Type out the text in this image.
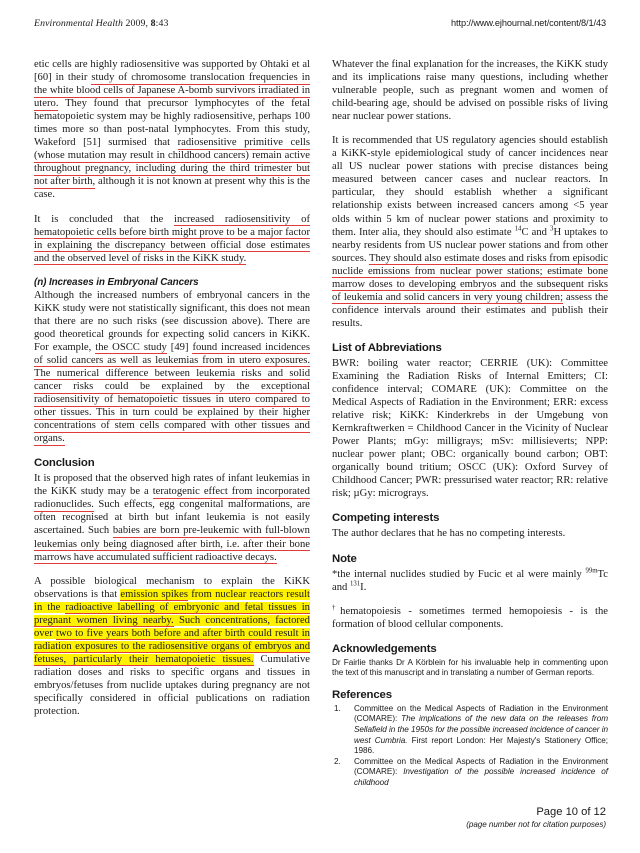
Environmental Health 2009, 8:43	http://www.ejhournal.net/content/8/1/43

etic cells are highly radiosensitive was supported by Ohtaki et al [60] in their study of chromosome translocation frequencies in the white blood cells of Japanese A-bomb survivors irradiated in utero. They found that precursor lymphocytes of the fetal hematopoietic system may be highly radiosensitive, perhaps 100 times more so than post-natal lymphocytes. From this study, Wakeford [51] surmised that radiosensitive primitive cells (whose mutation may result in childhood cancers) remain active throughout pregnancy, including during the third trimester but not after birth, although it is not known at present why this is the case.

It is concluded that the increased radiosensitivity of hematopoietic cells before birth might prove to be a major factor in explaining the discrepancy between official dose estimates and the observed level of risks in the KiKK study.

(n) Increases in Embryonal Cancers

Although the increased numbers of embryonal cancers in the KiKK study were not statistically significant, this does not mean that there are no such risks (see discussion above). There are good theoretical grounds for expecting solid cancers in KiKK. For example, the OSCC study [49] found increased incidences of solid cancers as well as leukemias from in utero exposures. The numerical difference between leukemia risks and solid cancer risks could be explained by the exceptional radiosensitivity of hematopoietic tissues in utero compared to other tissues. This in turn could be explained by their higher concentrations of stem cells compared with other tissues and organs.

Conclusion

It is proposed that the observed high rates of infant leukemias in the KiKK study may be a teratogenic effect from incorporated radionuclides. Such effects, egg congenital malformations, are often recognised at birth but infant leukemia is not easily ascertained. Such babies are born pre-leukemic with full-blown leukemias only being diagnosed after birth, i.e. after their bone marrows have accumulated sufficient radioactive decays.

A possible biological mechanism to explain the KiKK observations is that emission spikes from nuclear reactors result in the radioactive labelling of embryonic and fetal tissues in pregnant women living nearby. Such concentrations, factored over two to five years both before and after birth could result in radiation exposures to the radiosensitive organs of embryos and fetuses, particularly their hematopoietic tissues. Cumulative radiation doses and risks to specific organs and tissues in embryos/fetuses from nuclide uptakes during pregnancy are not specifically considered in official publications on radiation protection.

Whatever the final explanation for the increases, the KiKK study and its implications raise many questions, including whether vulnerable people, such as pregnant women and women of child-bearing age, should be advised on possible risks of living near nuclear power stations.

It is recommended that US regulatory agencies should establish a KiKK-style epidemiological study of cancer incidences near all US nuclear power stations with precise distances being measured between cancer cases and nuclear reactors. In particular, they should establish whether a significant relationship exists between increased cancers among <5 year olds within 5 km of nuclear power stations and proximity to them. Inter alia, they should also estimate $^{14}$C and $^3$H uptakes to nearby residents from US nuclear power stations and from other sources. They should also estimate doses and risks from episodic nuclide emissions from nuclear power stations; estimate bone marrow doses to developing embryos and the subsequent risks of leukemia and solid cancers in very young children; assess the confidence intervals around their estimates and publish their results.

List of Abbreviations

BWR: boiling water reactor; CERRIE (UK): Committee Examining the Radiation Risks of Internal Emitters; CI: confidence interval; COMARE (UK): Committee on the Medical Aspects of Radiation in the Environment; ERR: excess relative risk; KiKK: Kinderkrebs in der Umgebung von Kernkraftwerken = Childhood Cancer in the Vicinity of Nuclear Power Plants; mGy: milligrays; mSv: millisieverts; NPP: nuclear power plant; OBC: organically bound carbon; OBT: organically bound tritium; OSCC (UK): Oxford Survey of Childhood Cancer; PWR: pressurised water reactor; RR: relative risk; µGy: micrograys.

Competing interests

The author declares that he has no competing interests.

Note

*the internal nuclides studied by Fucic et al were mainly $^{99m}$Tc and $^{131}$I.

†hematopoiesis - sometimes termed hemopoiesis - is the formation of blood cellular components.

Acknowledgements

Dr Fairlie thanks Dr A Körblein for his invaluable help in commenting upon the text of this manuscript and in translating a number of German reports.

References
1. Committee on the Medical Aspects of Radiation in the Environment (COMARE): The implications of the new data on the releases from Sellafield in the 1950s for the possible increased incidence of cancer in west Cumbria. First report London: Her Majesty's Stationery Office; 1986.
2. Committee on the Medical Aspects of Radiation in the Environment (COMARE): Investigation of the possible increased incidence of childhood
Page 10 of 12
(page number not for citation purposes)
